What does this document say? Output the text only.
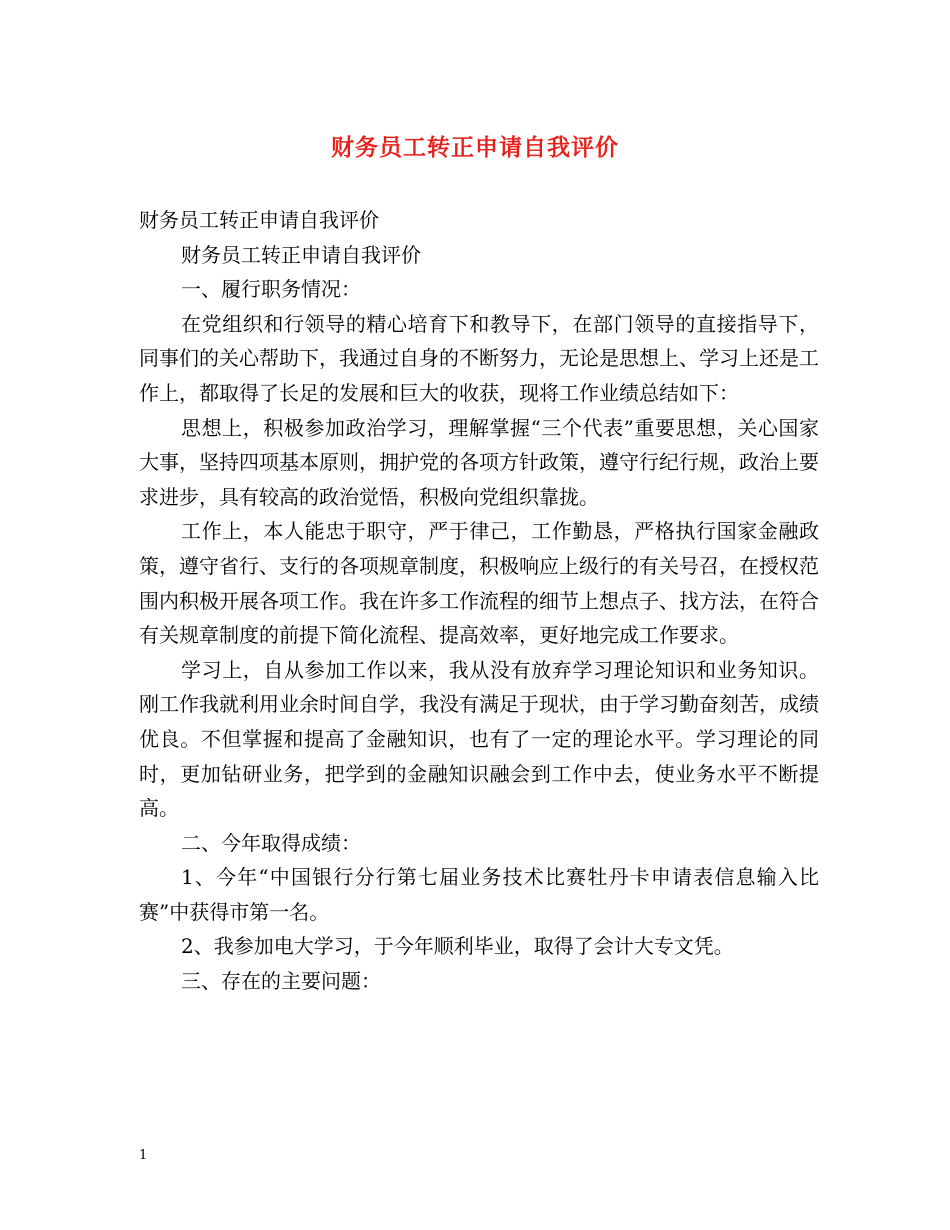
财务员工转正申请自我评价

财务员工转正申请自我评价

财务员工转正申请自我评价

一、履行职务情况：

在党组织和行领导的精心培育下和教导下，在部门领导的直接指导下，同事们的关心帮助下，我通过自身的不断努力，无论是思想上、学习上还是工作上，都取得了长足的发展和巨大的收获，现将工作业绩总结如下：

思想上，积极参加政治学习，理解掌握“三个代表”重要思想，关心国家大事，坚持四项基本原则，拥护党的各项方针政策，遵守行纪行规，政治上要求进步，具有较高的政治觉悟，积极向党组织靠拢。

工作上，本人能忠于职守，严于律己，工作勤恳，严格执行国家金融政策，遵守省行、支行的各项规章制度，积极响应上级行的有关号召，在授权范围内积极开展各项工作。我在许多工作流程的细节上想点子、找方法，在符合有关规章制度的前提下简化流程、提高效率，更好地完成工作要求。

学习上，自从参加工作以来，我从没有放弃学习理论知识和业务知识。刚工作我就利用业余时间自学，我没有满足于现状，由于学习勤奋刻苦，成绩优良。不但掌握和提高了金融知识，也有了一定的理论水平。学习理论的同时，更加钻研业务，把学到的金融知识融会到工作中去，使业务水平不断提高。

二、今年取得成绩：

1、今年“中国银行分行第七届业务技术比赛牡丹卡申请表信息输入比赛”中获得市第一名。

2、我参加电大学习，于今年顺利毕业，取得了会计大专文凭。

三、存在的主要问题：

1
